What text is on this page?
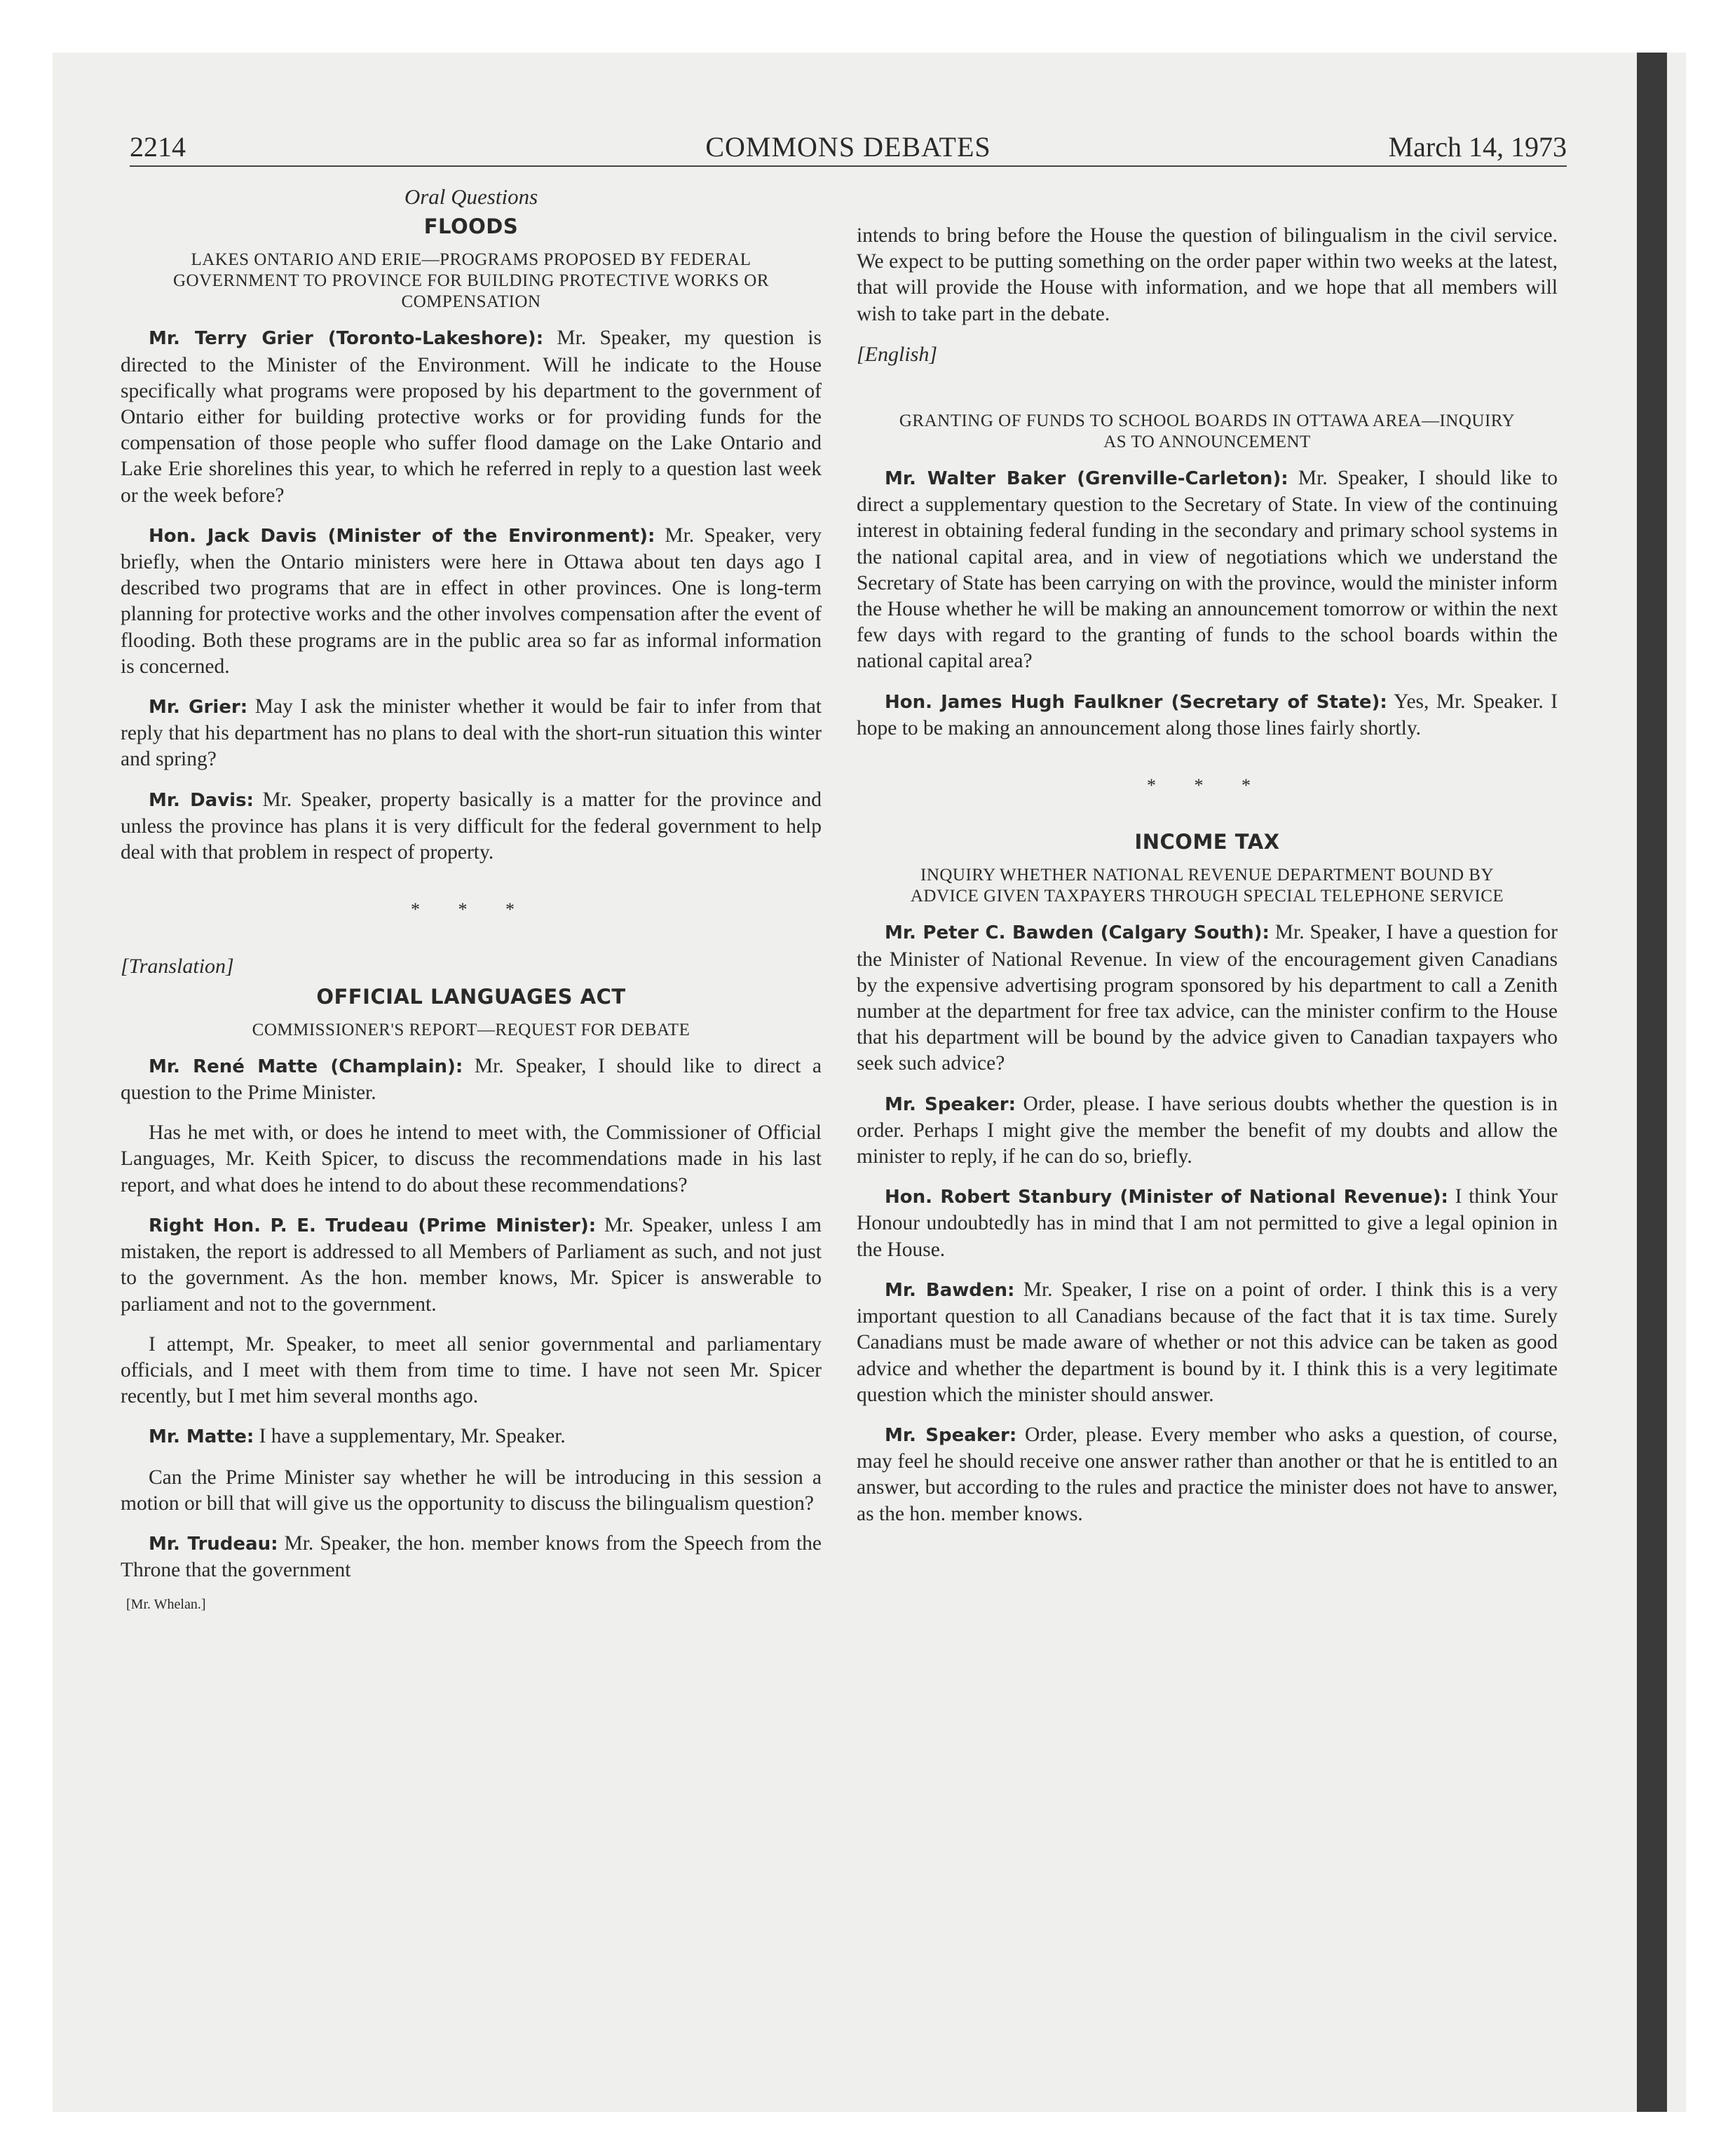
2214	COMMONS DEBATES	March 14, 1973
Oral Questions
FLOODS
LAKES ONTARIO AND ERIE—PROGRAMS PROPOSED BY FEDERAL GOVERNMENT TO PROVINCE FOR BUILDING PROTECTIVE WORKS OR COMPENSATION

Mr. Terry Grier (Toronto-Lakeshore): Mr. Speaker, my question is directed to the Minister of the Environment. Will he indicate to the House specifically what programs were proposed by his department to the government of Ontario either for building protective works or for providing funds for the compensation of those people who suffer flood damage on the Lake Ontario and Lake Erie shorelines this year, to which he referred in reply to a question last week or the week before?

Hon. Jack Davis (Minister of the Environment): Mr. Speaker, very briefly, when the Ontario ministers were here in Ottawa about ten days ago I described two programs that are in effect in other provinces. One is long-term planning for protective works and the other involves compensation after the event of flooding. Both these programs are in the public area so far as informal information is concerned.

Mr. Grier: May I ask the minister whether it would be fair to infer from that reply that his department has no plans to deal with the short-run situation this winter and spring?

Mr. Davis: Mr. Speaker, property basically is a matter for the province and unless the province has plans it is very difficult for the federal government to help deal with that problem in respect of property.

* * *
[Translation]
OFFICIAL LANGUAGES ACT
COMMISSIONER'S REPORT—REQUEST FOR DEBATE

Mr. René Matte (Champlain): Mr. Speaker, I should like to direct a question to the Prime Minister.

Has he met with, or does he intend to meet with, the Commissioner of Official Languages, Mr. Keith Spicer, to discuss the recommendations made in his last report, and what does he intend to do about these recommendations?

Right Hon. P. E. Trudeau (Prime Minister): Mr. Speaker, unless I am mistaken, the report is addressed to all Members of Parliament as such, and not just to the government. As the hon. member knows, Mr. Spicer is answerable to parliament and not to the government.

I attempt, Mr. Speaker, to meet all senior governmental and parliamentary officials, and I meet with them from time to time. I have not seen Mr. Spicer recently, but I met him several months ago.

Mr. Matte: I have a supplementary, Mr. Speaker.

Can the Prime Minister say whether he will be introducing in this session a motion or bill that will give us the opportunity to discuss the bilingualism question?

Mr. Trudeau: Mr. Speaker, the hon. member knows from the Speech from the Throne that the government

[Mr. Whelan.]

intends to bring before the House the question of bilingualism in the civil service. We expect to be putting something on the order paper within two weeks at the latest, that will provide the House with information, and we hope that all members will wish to take part in the debate.

[English]
GRANTING OF FUNDS TO SCHOOL BOARDS IN OTTAWA AREA—INQUIRY AS TO ANNOUNCEMENT

Mr. Walter Baker (Grenville-Carleton): Mr. Speaker, I should like to direct a supplementary question to the Secretary of State. In view of the continuing interest in obtaining federal funding in the secondary and primary school systems in the national capital area, and in view of negotiations which we understand the Secretary of State has been carrying on with the province, would the minister inform the House whether he will be making an announcement tomorrow or within the next few days with regard to the granting of funds to the school boards within the national capital area?

Hon. James Hugh Faulkner (Secretary of State): Yes, Mr. Speaker. I hope to be making an announcement along those lines fairly shortly.

* * *
INCOME TAX
INQUIRY WHETHER NATIONAL REVENUE DEPARTMENT BOUND BY ADVICE GIVEN TAXPAYERS THROUGH SPECIAL TELEPHONE SERVICE

Mr. Peter C. Bawden (Calgary South): Mr. Speaker, I have a question for the Minister of National Revenue. In view of the encouragement given Canadians by the expensive advertising program sponsored by his department to call a Zenith number at the department for free tax advice, can the minister confirm to the House that his department will be bound by the advice given to Canadian taxpayers who seek such advice?

Mr. Speaker: Order, please. I have serious doubts whether the question is in order. Perhaps I might give the member the benefit of my doubts and allow the minister to reply, if he can do so, briefly.

Hon. Robert Stanbury (Minister of National Revenue): I think Your Honour undoubtedly has in mind that I am not permitted to give a legal opinion in the House.

Mr. Bawden: Mr. Speaker, I rise on a point of order. I think this is a very important question to all Canadians because of the fact that it is tax time. Surely Canadians must be made aware of whether or not this advice can be taken as good advice and whether the department is bound by it. I think this is a very legitimate question which the minister should answer.

Mr. Speaker: Order, please. Every member who asks a question, of course, may feel he should receive one answer rather than another or that he is entitled to an answer, but according to the rules and practice the minister does not have to answer, as the hon. member knows.
